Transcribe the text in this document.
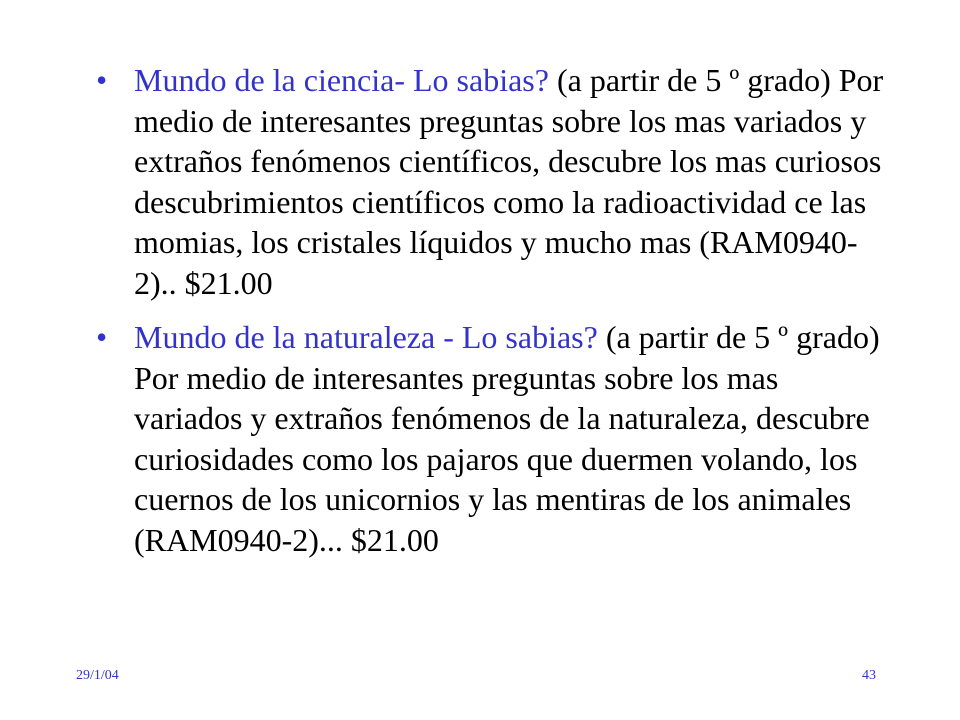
• Mundo de la ciencia- Lo sabias? (a partir de 5 º grado) Por medio de interesantes preguntas sobre los mas variados y extraños fenómenos científicos, descubre los mas curiosos descubrimientos científicos como la radioactividad ce las momias, los cristales líquidos y mucho mas (RAM0940-2).. $21.00
• Mundo de la naturaleza - Lo sabias? (a partir de 5 º grado) Por medio de interesantes preguntas sobre los mas variados y extraños fenómenos de la naturaleza, descubre curiosidades como los pajaros que duermen volando, los cuernos de los unicornios y las mentiras de los animales (RAM0940-2)... $21.00
29/1/04	43
